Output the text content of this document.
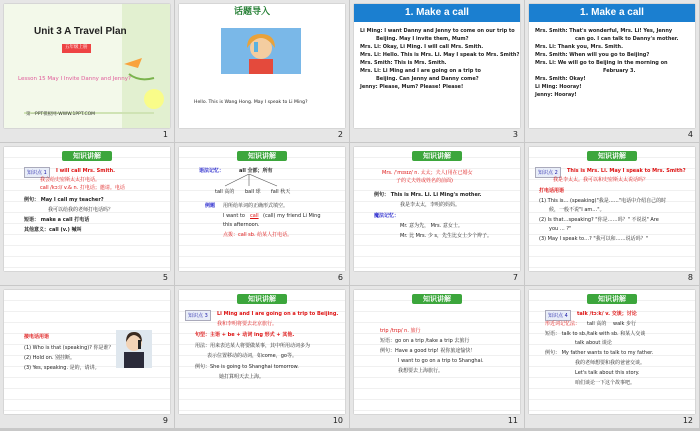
Unit 3 A Travel Plan
五年级上册
Lesson 15 May I Invite Danny and Jenny?
第一PPT模板网-WWW.1PPT.COM
1
话题导入
Hello. This is Wang Hong. May I speak to Li Ming?
2
1. Make a call
Li Ming: I want Danny and Jenny to come on our trip to
Beijing. May I invite them, Mum?
Mrs. Li: Okay, Li Ming. I will call Mrs. Smith.
Mrs. Li: Hello. This is Mrs. Li. May I speak to Mrs. Smith?
Mrs. Smith: This is Mrs. Smith.
Mrs. Li: Li Ming and I are going on a trip to
Beijing. Can Jenny and Danny come?
Jenny: Please, Mum? Please! Please!
3
1. Make a call
Mrs. Smith: That's wonderful, Mrs. Li! Yes, Jenny
can go. I can talk to Danny's mother.
Mrs. Li: Thank you, Mrs. Smith.
Mrs. Smith: When will you go to Beijing?
Mrs. Li: We will go to Beijing in the morning on
February 3.
Mrs. Smith: Okay!
Li Ming: Hooray!
Jenny: Hooray!
4
知识讲解
知识点 1	I will call Mrs. Smith.
我会给史密斯太太打电话。
call /kɔːl/ v.& n. 打电话；邀请。电话
例句： May I call my teacher?
我可以给我的老师打电话吗？
短语： make a call 打电话
其他意义：call (v.) 喊叫
5
知识讲解
语法记忆：	all 全部；所有
tall 高的 ball 球 fall 秋天
例题 用所给单词的正确形式填空。
I want to call (call) my friend Li Ming
this afternoon.
点拨：call sb. 给某人打电话。
6
知识讲解
Mrs. /ˈmɪsɪz/ n. 太太；夫人(用在已婚女
子的丈夫姓或姓名的前面)
例句： This is Mrs. Li. Li Ming's mother.
我是李太太，李明的妈妈。
魔法记忆：
Mr. 意为先， Mrs. 意女士。
Mr. 比 Mrs. 少 s，先生比女士少个辫子。
7
知识讲解
知识点 2	This is Mrs. Li. May I speak to Mrs. Smith?
我是李太太。我可以和史密斯太太说话吗？
打电话用语
(1) This is… (speaking)"我是……"电话中介绍自己的时
候，一般不说"I am…"。
(2) Is that…speaking? "你是……吗？" 不说说" Are
you … ?"
(3) May I speak to…? "我可以和……说话吗？"
8
接电话用语
(1) Who is that (speaking)? 你是谁？
(2) Hold on. 别挂断。
(3) Yes, speaking. 是的，请讲。
9
知识讲解
知识点 3	Li Ming and I are going on a trip to Beijing.
我和李明将要去北京旅行。
句型：主语 + be + 动词 ing 形式 + 其他.
用法：用来表达某人将要做某事，其中所用动词多为
表示位置移动的动词，如come，go等。
例句：She is going to Shanghai tomorrow.
她打算明天去上海。
10
知识讲解
trip /trɪp/ n. 旅行
短语：go on a trip /take a trip 去旅行
例句：Have a good trip! 祝你旅途愉快！
I want to go on a trip to Shanghai.
我想要去上海旅行。
11
知识讲解
知识点 4	talk /tɔːk/ v. 交谈；讨论
形近词记忆法： tall 高的 walk 步行
短语： talk to sb./talk with sb. 和某人交谈
talk about 谈论
例句： My father wants to talk to my father.
我的老师想要和我的爸爸交谈。
Let's talk about this story.
咱们谈论一下这个故事吧。
12
